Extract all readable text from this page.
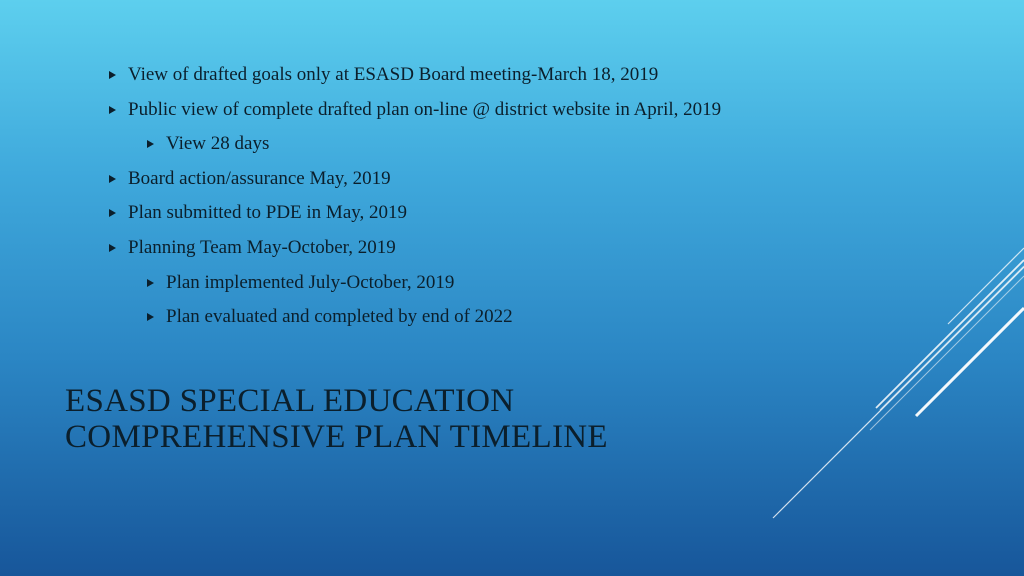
View of drafted goals only at ESASD Board meeting-March 18, 2019
Public view of complete drafted plan on-line @ district website in April, 2019
View 28 days
Board action/assurance May, 2019
Plan submitted to PDE in May, 2019
Planning Team May-October, 2019
Plan implemented July-October, 2019
Plan evaluated and completed by end of 2022
ESASD SPECIAL EDUCATION
COMPREHENSIVE PLAN TIMELINE
